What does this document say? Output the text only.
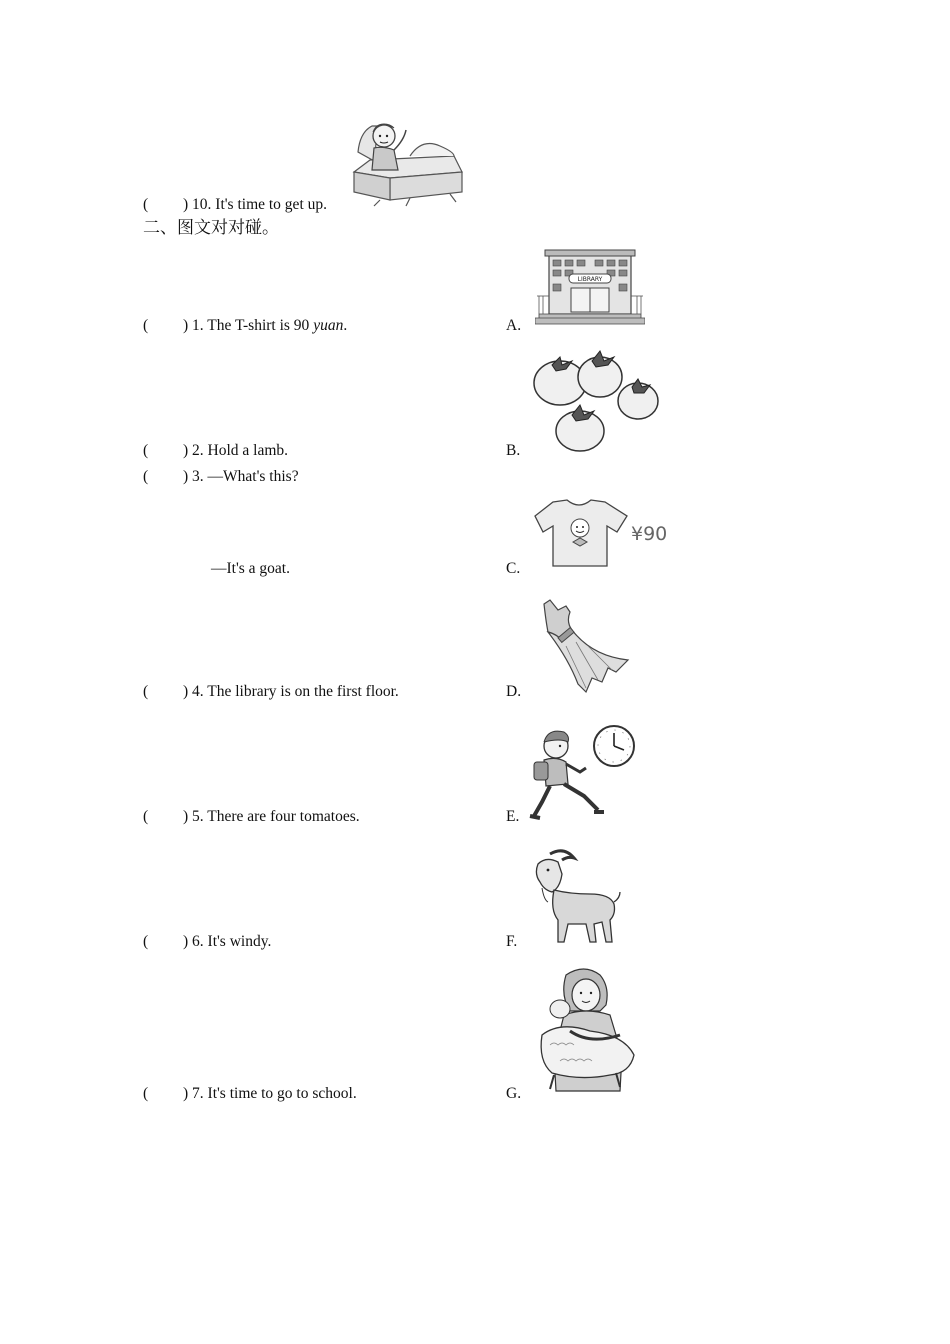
( ) 10. It's time to get up.
二、图文对对碰。
( ) 1. The T-shirt is 90 yuan.
( ) 2. Hold a lamb.
( ) 3. —What's this?
—It's a goat.
( ) 4. The library is on the first floor.
( ) 5. There are four tomatoes.
( ) 6. It's windy.
( ) 7. It's time to go to school.
A.
B.
C.
D.
E.
F.
G.
LIBRARY
¥90
